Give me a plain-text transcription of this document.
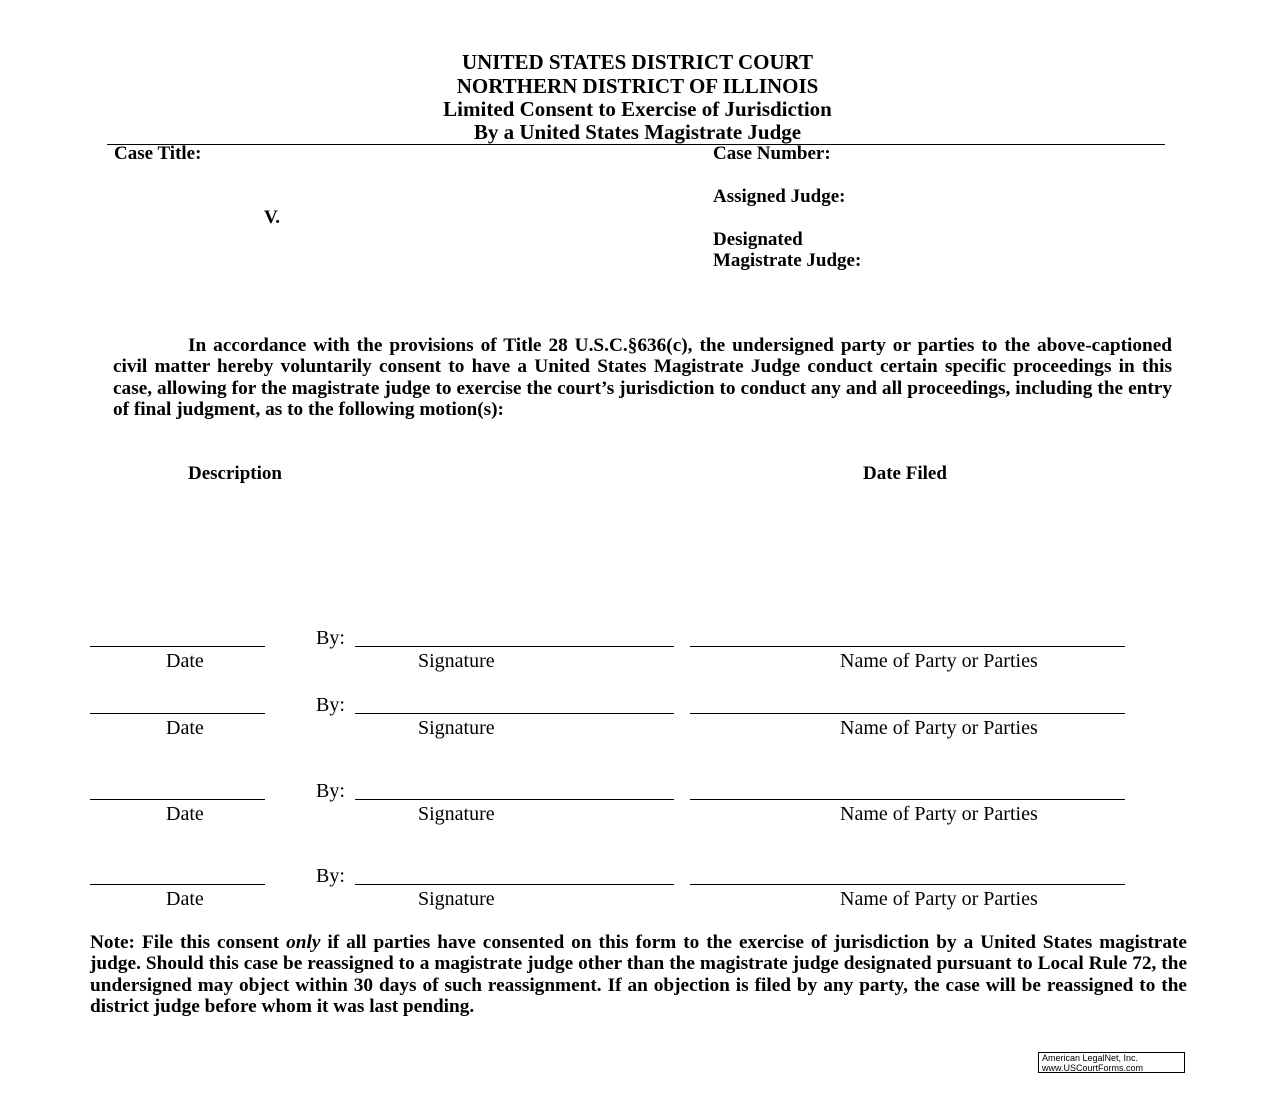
UNITED STATES DISTRICT COURT
NORTHERN DISTRICT OF ILLINOIS
Limited Consent to Exercise of Jurisdiction
By a United States Magistrate Judge
Case Title:
V.
Case Number:
Assigned Judge:
Designated
Magistrate Judge:
In accordance with the provisions of Title 28 U.S.C.§636(c), the undersigned party or parties to the above-captioned civil matter hereby voluntarily consent to have a United States Magistrate Judge conduct certain specific proceedings in this case, allowing for the magistrate judge to exercise the court’s jurisdiction to conduct any and all proceedings, including the entry of final judgment, as to the following motion(s):
Description	Date Filed
By:
Date	Signature	Name of Party or Parties
By:
Date	Signature	Name of Party or Parties
By:
Date	Signature	Name of Party or Parties
By:
Date	Signature	Name of Party or Parties
Note: File this consent only if all parties have consented on this form to the exercise of jurisdiction by a United States magistrate judge. Should this case be reassigned to a magistrate judge other than the magistrate judge designated pursuant to Local Rule 72, the undersigned may object within 30 days of such reassignment. If an objection is filed by any party, the case will be reassigned to the district judge before whom it was last pending.
American LegalNet, Inc.
www.USCourtForms.com
